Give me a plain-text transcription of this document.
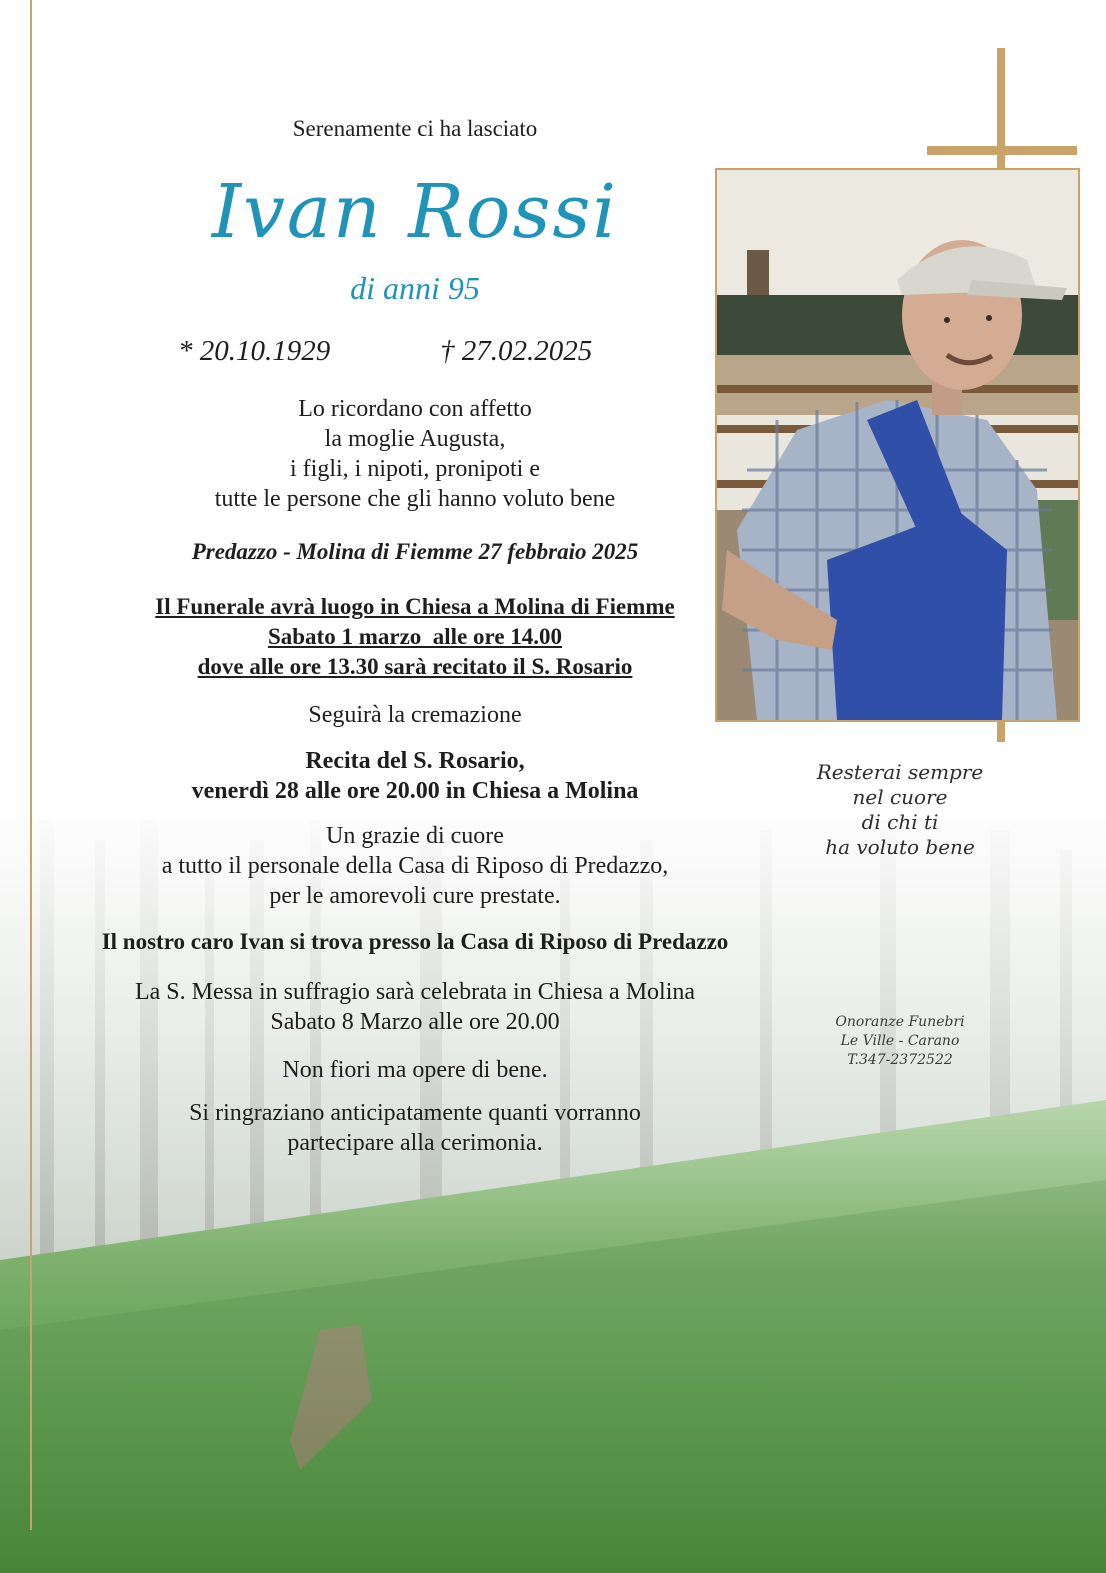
Serenamente ci ha lasciato
Ivan Rossi
di anni 95
* 20.10.1929	† 27.02.2025
Lo ricordano con affetto
la moglie Augusta,
i figli, i nipoti, pronipoti e
tutte le persone che gli hanno voluto bene
Predazzo - Molina di Fiemme 27 febbraio 2025
Il Funerale avrà luogo in Chiesa a Molina di Fiemme
Sabato 1 marzo  alle ore 14.00
dove alle ore 13.30 sarà recitato il S. Rosario
Seguirà la cremazione
Recita del S. Rosario,
venerdì 28 alle ore 20.00 in Chiesa a Molina
Un grazie di cuore
a tutto il personale della Casa di Riposo di Predazzo,
per le amorevoli cure prestate.
Il nostro caro Ivan si trova presso la Casa di Riposo di Predazzo
La S. Messa in suffragio sarà celebrata in Chiesa a Molina
Sabato 8 Marzo alle ore 20.00
Non fiori ma opere di bene.
Si ringraziano anticipatamente quanti vorranno
partecipare alla cerimonia.
Resterai sempre
nel cuore
di chi ti
ha voluto bene
Onoranze Funebri
Le Ville - Carano
T.347-2372522
